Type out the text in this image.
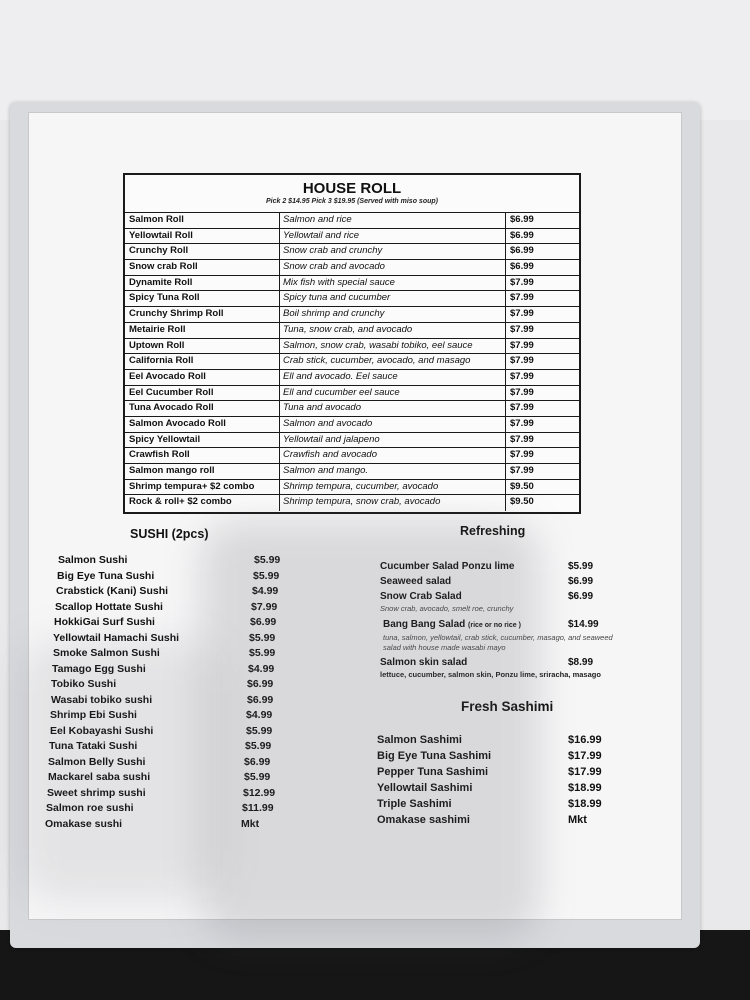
HOUSE ROLL
Pick 2 $14.95 Pick 3 $19.95 (Served with miso soup)
Salmon Roll	Salmon and rice	$6.99
Yellowtail Roll	Yellowtail and rice	$6.99
Crunchy Roll	Snow crab and crunchy	$6.99
Snow crab Roll	Snow crab and avocado	$6.99
Dynamite Roll	Mix fish with special sauce	$7.99
Spicy Tuna Roll	Spicy tuna and cucumber	$7.99
Crunchy Shrimp Roll	Boil shrimp and crunchy	$7.99
Metairie Roll	Tuna, snow crab, and avocado	$7.99
Uptown Roll	Salmon, snow crab, wasabi tobiko, eel sauce	$7.99
California Roll	Crab stick, cucumber, avocado, and masago	$7.99
Eel Avocado Roll	Ell and avocado. Eel sauce	$7.99
Eel Cucumber Roll	Ell and cucumber eel sauce	$7.99
Tuna Avocado Roll	Tuna and avocado	$7.99
Salmon Avocado Roll	Salmon and avocado	$7.99
Spicy Yellowtail	Yellowtail and jalapeno	$7.99
Crawfish Roll	Crawfish and avocado	$7.99
Salmon mango roll	Salmon and mango.	$7.99
Shrimp tempura+ $2 combo	Shrimp tempura, cucumber, avocado	$9.50
Rock & roll+ $2 combo	Shrimp tempura, snow crab, avocado	$9.50
SUSHI (2pcs)
Salmon Sushi	$5.99
Big Eye Tuna Sushi	$5.99
Crabstick (Kani) Sushi	$4.99
Scallop Hottate Sushi	$7.99
HokkiGai Surf Sushi	$6.99
Yellowtail Hamachi Sushi	$5.99
Smoke Salmon Sushi	$5.99
Tamago Egg Sushi	$4.99
Tobiko Sushi	$6.99
Wasabi tobiko sushi	$6.99
Shrimp Ebi Sushi	$4.99
Eel Kobayashi Sushi	$5.99
Tuna Tataki Sushi	$5.99
Salmon Belly Sushi	$6.99
Mackarel saba sushi	$5.99
Sweet shrimp sushi	$12.99
Salmon roe sushi	$11.99
Omakase sushi	Mkt
Refreshing
Cucumber Salad Ponzu lime	$5.99
Seaweed salad	$6.99
Snow Crab Salad	$6.99
Snow crab, avocado, smelt roe, crunchy
Bang Bang Salad (rice or no rice )	$14.99
tuna, salmon, yellowtail, crab stick, cucumber, masago, and seaweed salad with house made wasabi mayo
Salmon skin salad	$8.99
lettuce, cucumber, salmon skin, Ponzu lime, sriracha, masago
Fresh Sashimi
Salmon Sashimi	$16.99
Big Eye Tuna Sashimi	$17.99
Pepper Tuna Sashimi	$17.99
Yellowtail Sashimi	$18.99
Triple Sashimi	$18.99
Omakase sashimi	Mkt
